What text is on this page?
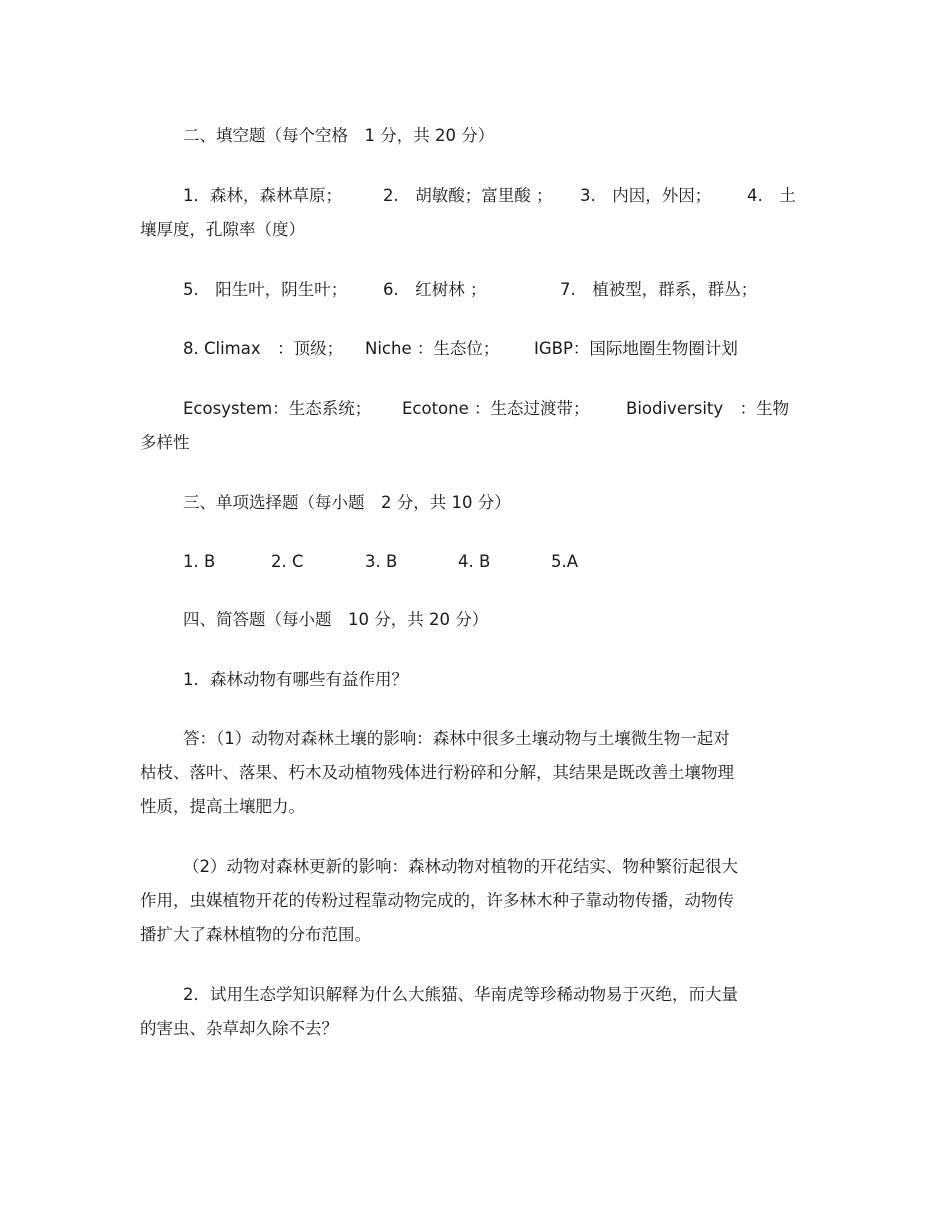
二、填空题（每个空格　1 分，共 20 分）

1．森林，森林草原； 2.　胡敏酸；富里酸 ； 3.　内因，外因； 4.　土

壤厚度，孔隙率（度）

5.　阳生叶，阴生叶； 6.　红树林 ；	7.　植被型，群系，群丛；
8. Climax　：顶级； Niche ：生态位； IGBP：国际地圈生物圈计划
Ecosystem：生态系统； Ecotone ：生态过渡带； Biodiversity　：生物

多样性

三、单项选择题（每小题　2 分，共 10 分）

1. B	2. C	3. B	4. B	5.A

四、简答题（每小题　10 分，共 20 分）

1．森林动物有哪些有益作用？

答：（1）动物对森林土壤的影响：森林中很多土壤动物与土壤微生物一起对
枯枝、落叶、落果、朽木及动植物残体进行粉碎和分解，其结果是既改善土壤物理
性质，提高土壤肥力。
（2）动物对森林更新的影响：森林动物对植物的开花结实、物种繁衍起很大
作用，虫媒植物开花的传粉过程靠动物完成的，许多林木种子靠动物传播，动物传
播扩大了森林植物的分布范围。
2．试用生态学知识解释为什么大熊猫、华南虎等珍稀动物易于灭绝，而大量
的害虫、杂草却久除不去？
